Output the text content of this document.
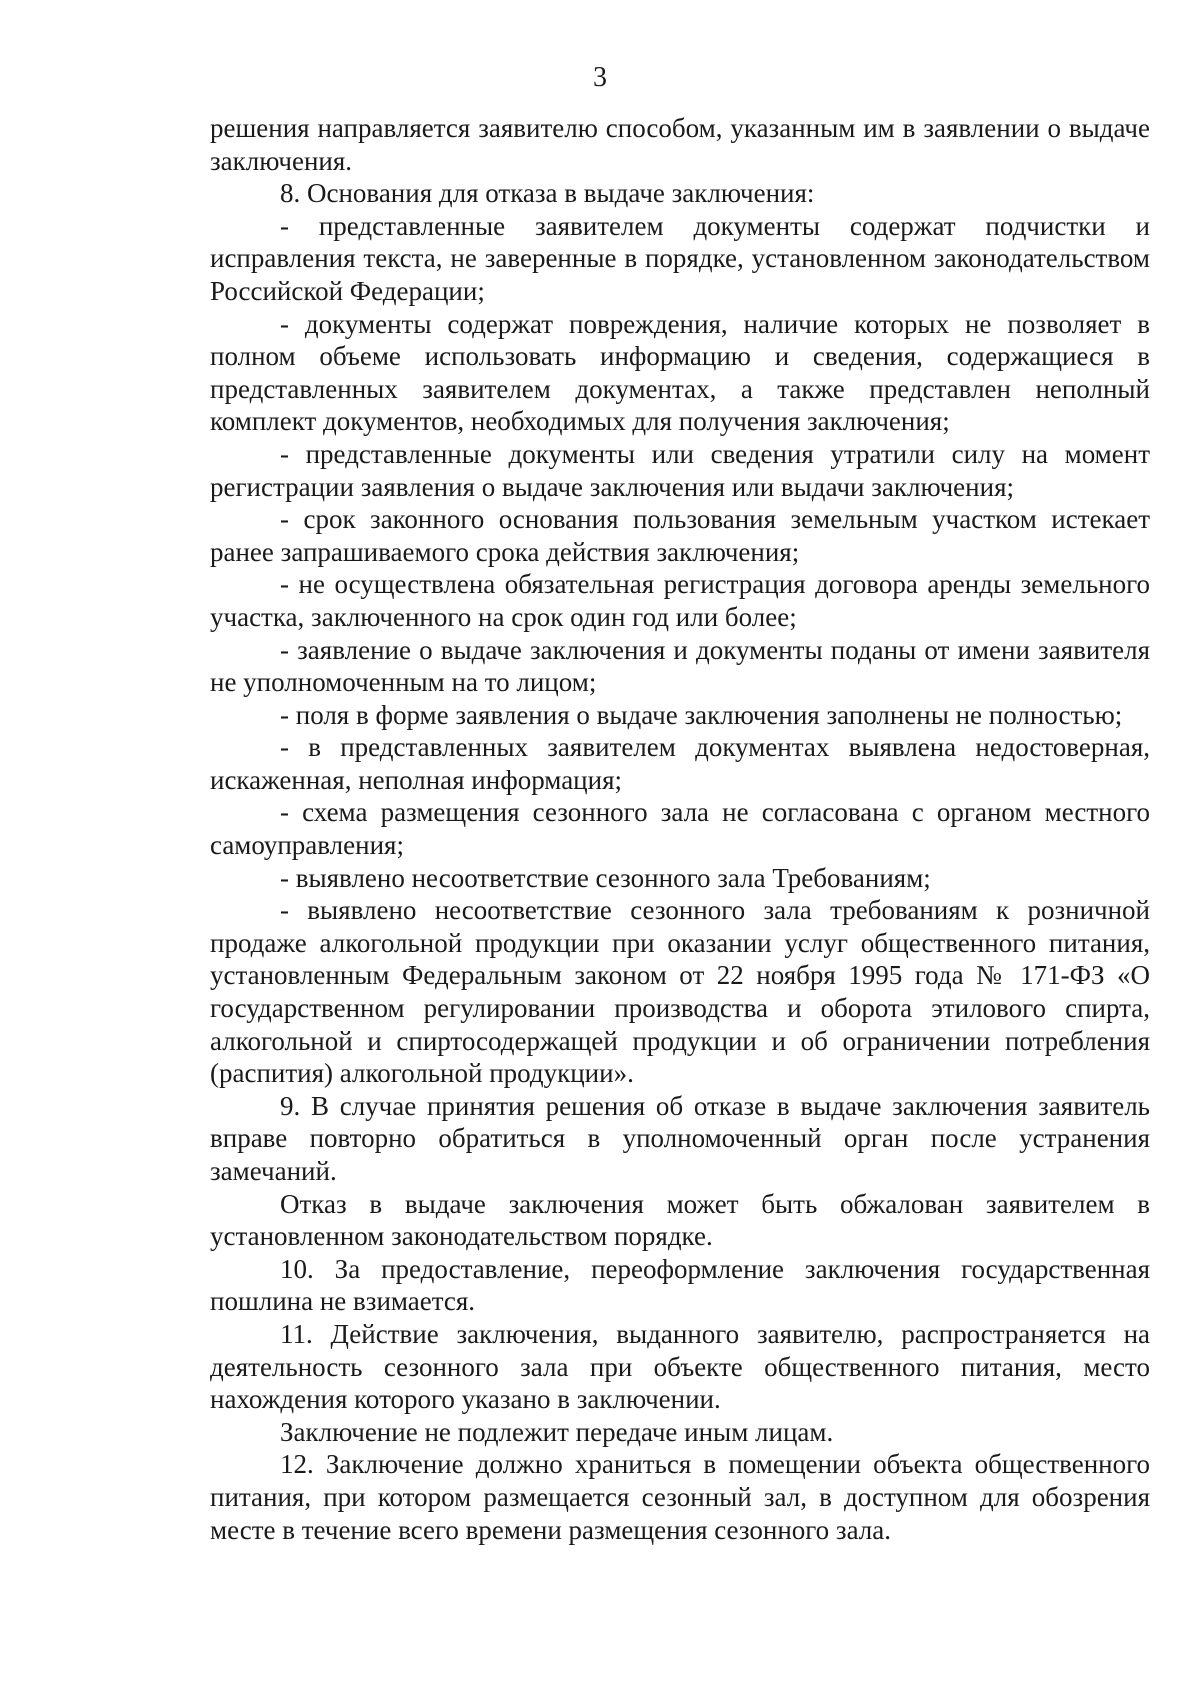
3

решения направляется заявителю способом, указанным им в заявлении о выдаче заключения.

8. Основания для отказа в выдаче заключения:

- представленные заявителем документы содержат подчистки и исправления текста, не заверенные в порядке, установленном законодательством Российской Федерации;

- документы содержат повреждения, наличие которых не позволяет в полном объеме использовать информацию и сведения, содержащиеся в представленных заявителем документах, а также представлен неполный комплект документов, необходимых для получения заключения;

- представленные документы или сведения утратили силу на момент регистрации заявления о выдаче заключения или выдачи заключения;

- срок законного основания пользования земельным участком истекает ранее запрашиваемого срока действия заключения;

- не осуществлена обязательная регистрация договора аренды земельного участка, заключенного на срок один год или более;

- заявление о выдаче заключения и документы поданы от имени заявителя не уполномоченным на то лицом;

- поля в форме заявления о выдаче заключения заполнены не полностью;

- в представленных заявителем документах выявлена недостоверная, искаженная, неполная информация;

- схема размещения сезонного зала не согласована с органом местного самоуправления;

- выявлено несоответствие сезонного зала Требованиям;

- выявлено несоответствие сезонного зала требованиям к розничной продаже алкогольной продукции при оказании услуг общественного питания, установленным Федеральным законом от 22 ноября 1995 года № 171-ФЗ «О государственном регулировании производства и оборота этилового спирта, алкогольной и спиртосодержащей продукции и об ограничении потребления (распития) алкогольной продукции».

9. В случае принятия решения об отказе в выдаче заключения заявитель вправе повторно обратиться в уполномоченный орган после устранения замечаний.

Отказ в выдаче заключения может быть обжалован заявителем в установленном законодательством порядке.

10. За предоставление, переоформление заключения государственная пошлина не взимается.

11. Действие заключения, выданного заявителю, распространяется на деятельность сезонного зала при объекте общественного питания, место нахождения которого указано в заключении.

Заключение не подлежит передаче иным лицам.

12. Заключение должно храниться в помещении объекта общественного питания, при котором размещается сезонный зал, в доступном для обозрения месте в течение всего времени размещения сезонного зала.
